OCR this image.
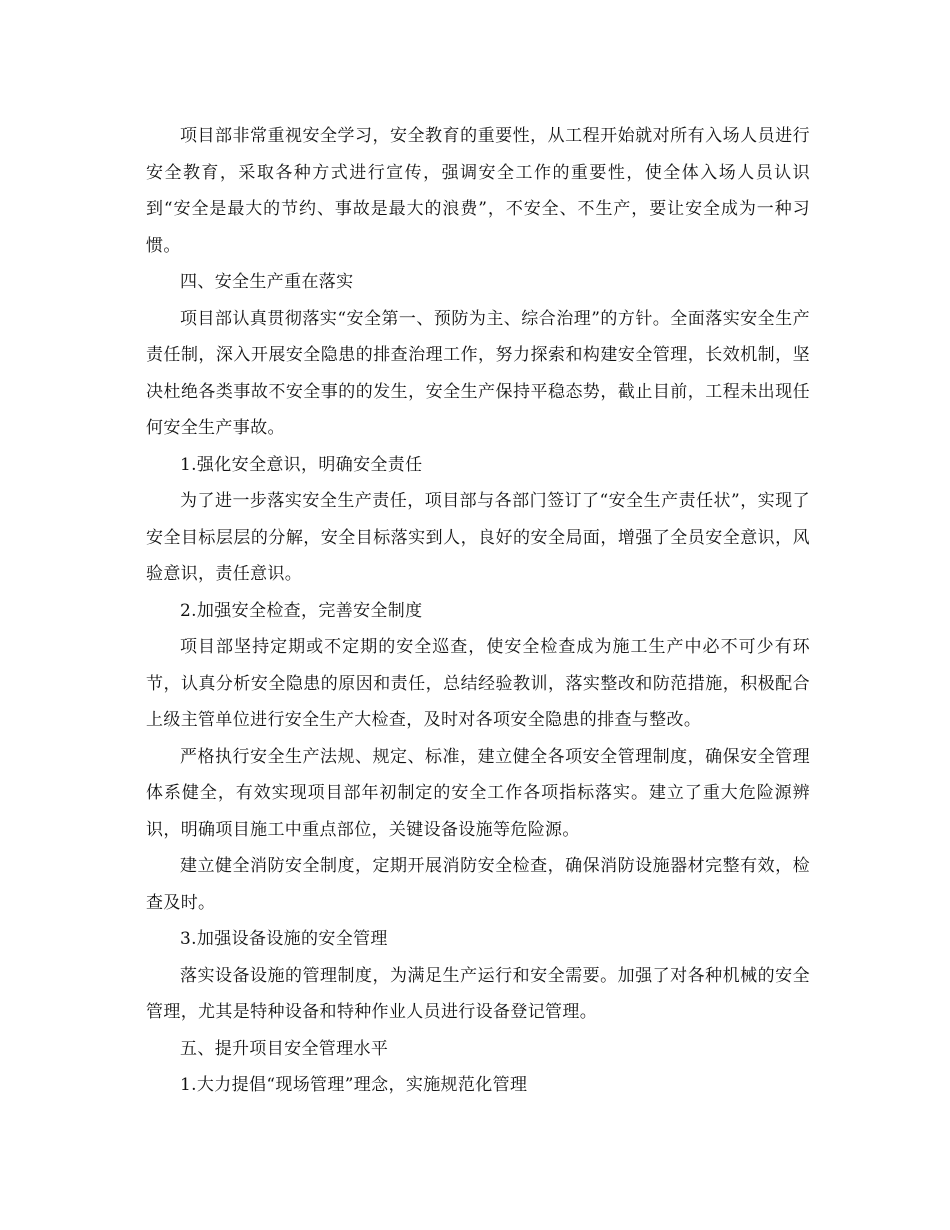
项目部非常重视安全学习，安全教育的重要性，从工程开始就对所有入场人员进行安全教育，采取各种方式进行宣传，强调安全工作的重要性，使全体入场人员认识到“安全是最大的节约、事故是最大的浪费”，不安全、不生产，要让安全成为一种习惯。

四、安全生产重在落实

项目部认真贯彻落实“安全第一、预防为主、综合治理”的方针。全面落实安全生产责任制，深入开展安全隐患的排查治理工作，努力探索和构建安全管理，长效机制，坚决杜绝各类事故不安全事的的发生，安全生产保持平稳态势，截止目前，工程未出现任何安全生产事故。

1.强化安全意识，明确安全责任

为了进一步落实安全生产责任，项目部与各部门签订了“安全生产责任状”，实现了安全目标层层的分解，安全目标落实到人，良好的安全局面，增强了全员安全意识，风验意识，责任意识。

2.加强安全检查，完善安全制度

项目部坚持定期或不定期的安全巡查，使安全检查成为施工生产中必不可少有环节，认真分析安全隐患的原因和责任，总结经验教训，落实整改和防范措施，积极配合上级主管单位进行安全生产大检查，及时对各项安全隐患的排查与整改。

严格执行安全生产法规、规定、标准，建立健全各项安全管理制度，确保安全管理体系健全，有效实现项目部年初制定的安全工作各项指标落实。建立了重大危险源辨识，明确项目施工中重点部位，关键设备设施等危险源。

建立健全消防安全制度，定期开展消防安全检查，确保消防设施器材完整有效，检查及时。

3.加强设备设施的安全管理

落实设备设施的管理制度，为满足生产运行和安全需要。加强了对各种机械的安全管理，尤其是特种设备和特种作业人员进行设备登记管理。

五、提升项目安全管理水平

1.大力提倡“现场管理”理念，实施规范化管理
